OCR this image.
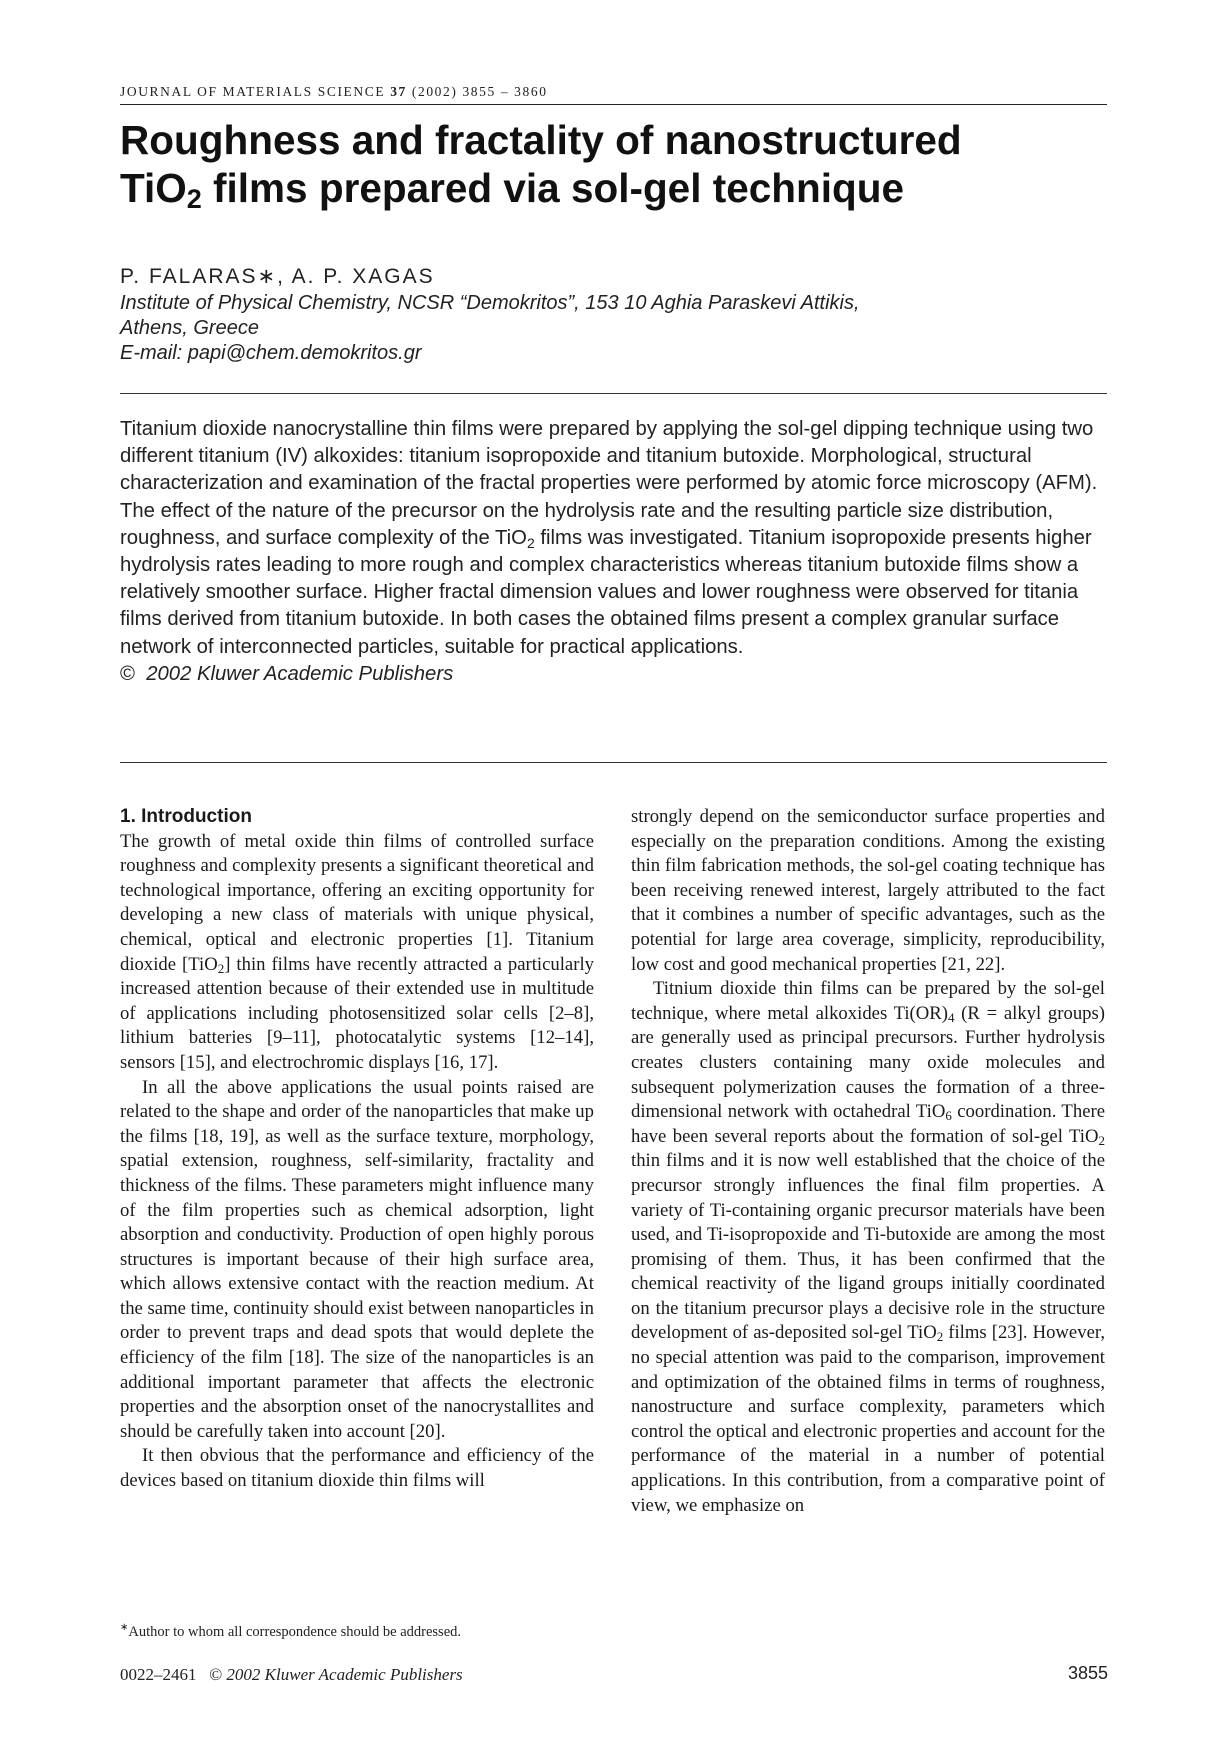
JOURNAL OF MATERIALS SCIENCE 37 (2002) 3855 – 3860
Roughness and fractality of nanostructured
TiO$_2$ films prepared via sol-gel technique
P. FALARAS∗, A. P. XAGAS
Institute of Physical Chemistry, NCSR “Demokritos”, 153 10 Aghia Paraskevi Attikis,
Athens, Greece
E-mail: papi@chem.demokritos.gr

Titanium dioxide nanocrystalline thin films were prepared by applying the sol-gel dipping technique using two different titanium (IV) alkoxides: titanium isopropoxide and titanium butoxide. Morphological, structural characterization and examination of the fractal properties were performed by atomic force microscopy (AFM). The effect of the nature of the precursor on the hydrolysis rate and the resulting particle size distribution, roughness, and surface complexity of the TiO$_2$ films was investigated. Titanium isopropoxide presents higher hydrolysis rates leading to more rough and complex characteristics whereas titanium butoxide films show a relatively smoother surface. Higher fractal dimension values and lower roughness were observed for titania films derived from titanium butoxide. In both cases the obtained films present a complex granular surface network of interconnected particles, suitable for practical applications.

© 2002 Kluwer Academic Publishers

1. Introduction

The growth of metal oxide thin films of controlled surface roughness and complexity presents a significant theoretical and technological importance, offering an exciting opportunity for developing a new class of materials with unique physical, chemical, optical and electronic properties [1]. Titanium dioxide [TiO$_2$] thin films have recently attracted a particularly increased attention because of their extended use in multitude of applications including photosensitized solar cells [2–8], lithium batteries [9–11], photocatalytic systems [12–14], sensors [15], and electrochromic displays [16, 17].

In all the above applications the usual points raised are related to the shape and order of the nanoparticles that make up the films [18, 19], as well as the surface texture, morphology, spatial extension, roughness, self-similarity, fractality and thickness of the films. These parameters might influence many of the film properties such as chemical adsorption, light absorption and conductivity. Production of open highly porous structures is important because of their high surface area, which allows extensive contact with the reaction medium. At the same time, continuity should exist between nanoparticles in order to prevent traps and dead spots that would deplete the efficiency of the film [18]. The size of the nanoparticles is an additional important parameter that affects the electronic properties and the absorption onset of the nanocrystallites and should be carefully taken into account [20].

It then obvious that the performance and efficiency of the devices based on titanium dioxide thin films will

strongly depend on the semiconductor surface properties and especially on the preparation conditions. Among the existing thin film fabrication methods, the sol-gel coating technique has been receiving renewed interest, largely attributed to the fact that it combines a number of specific advantages, such as the potential for large area coverage, simplicity, reproducibility, low cost and good mechanical properties [21, 22].

Titnium dioxide thin films can be prepared by the sol-gel technique, where metal alkoxides $Ti(OR)_4$ (R = alkyl groups) are generally used as principal precursors. Further hydrolysis creates clusters containing many oxide molecules and subsequent polymerization causes the formation of a three-dimensional network with octahedral TiO$_6$ coordination. There have been several reports about the formation of sol-gel TiO$_2$ thin films and it is now well established that the choice of the precursor strongly influences the final film properties. A variety of Ti-containing organic precursor materials have been used, and Ti-isopropoxide and Ti-butoxide are among the most promising of them. Thus, it has been confirmed that the chemical reactivity of the ligand groups initially coordinated on the titanium precursor plays a decisive role in the structure development of as-deposited sol-gel TiO$_2$ films [23]. However, no special attention was paid to the comparison, improvement and optimization of the obtained films in terms of roughness, nanostructure and surface complexity, parameters which control the optical and electronic properties and account for the performance of the material in a number of potential applications. In this contribution, from a comparative point of view, we emphasize on

∗Author to whom all correspondence should be addressed.
0022–2461 © 2002 Kluwer Academic Publishers	3855
